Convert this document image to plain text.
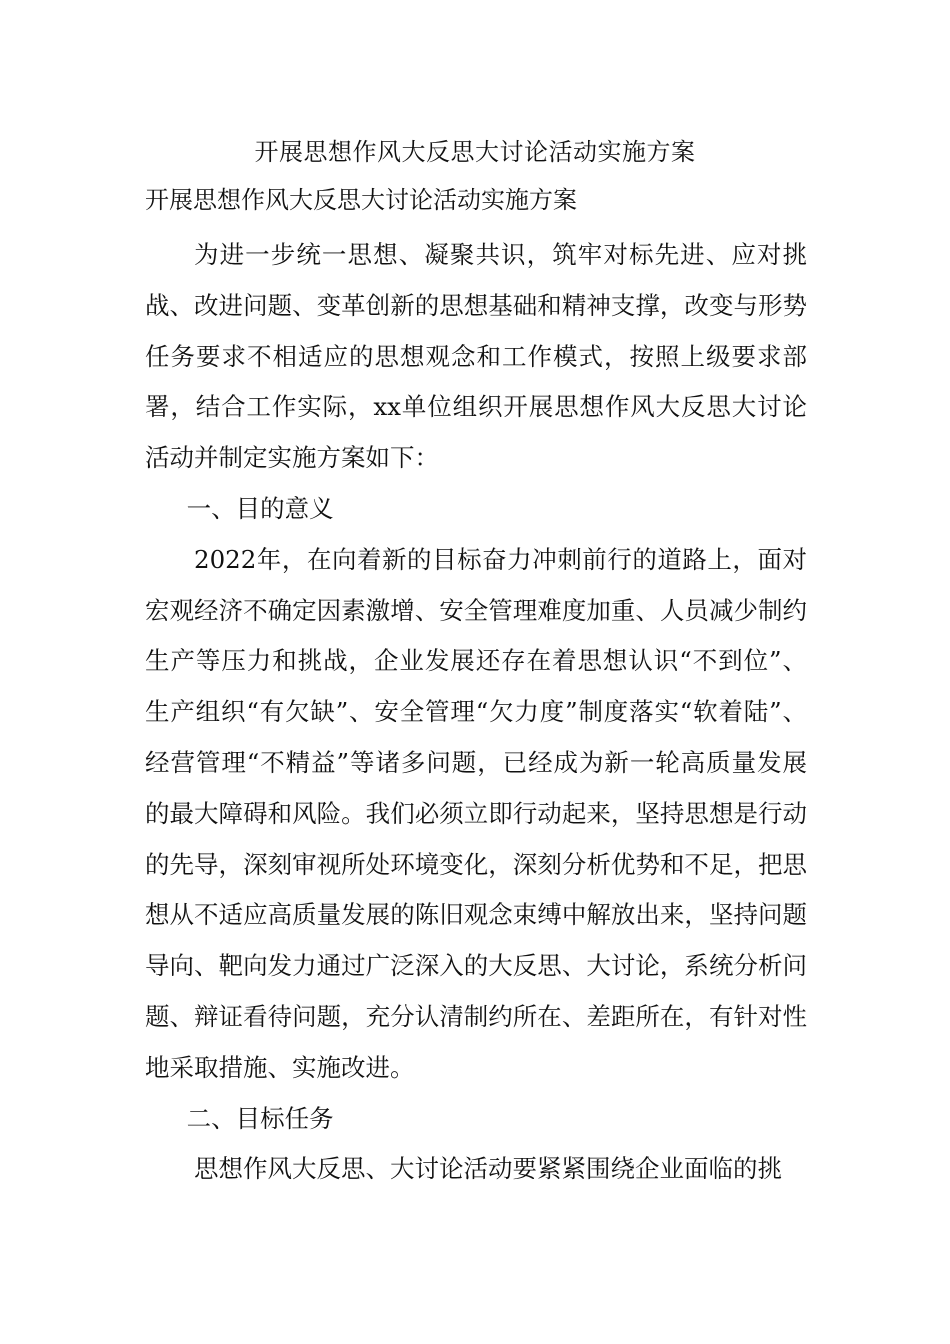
开展思想作风大反思大讨论活动实施方案
开展思想作风大反思大讨论活动实施方案

为进一步统一思想、凝聚共识，筑牢对标先进、应对挑战、改进问题、变革创新的思想基础和精神支撑，改变与形势任务要求不相适应的思想观念和工作模式，按照上级要求部署，结合工作实际，xx单位组织开展思想作风大反思大讨论活动并制定实施方案如下：

一、目的意义

2022年，在向着新的目标奋力冲刺前行的道路上，面对宏观经济不确定因素激增、安全管理难度加重、人员减少制约生产等压力和挑战，企业发展还存在着思想认识“不到位”、生产组织“有欠缺”、安全管理“欠力度”制度落实“软着陆”、经营管理“不精益”等诸多问题，已经成为新一轮高质量发展的最大障碍和风险。我们必须立即行动起来，坚持思想是行动的先导，深刻审视所处环境变化，深刻分析优势和不足，把思想从不适应高质量发展的陈旧观念束缚中解放出来，坚持问题导向、靶向发力通过广泛深入的大反思、大讨论，系统分析问题、辩证看待问题，充分认清制约所在、差距所在，有针对性地采取措施、实施改进。

二、目标任务

思想作风大反思、大讨论活动要紧紧围绕企业面临的挑
